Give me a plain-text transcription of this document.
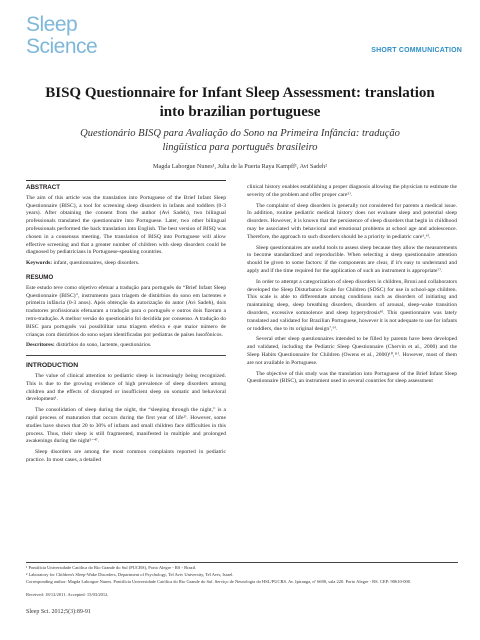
Sleep
Science	SHORT COMMUNICATION
BISQ Questionnaire for Infant Sleep Assessment: translation into brazilian portuguese
Questionário BISQ para Avaliação do Sono na Primeira Infância: tradução lingüística para português brasileiro
Magda Lahorgue Nunes¹, Julia de la Puerta Raya Kampff¹, Avi Sadeh²
ABSTRACT

The aim of this article was the translation into Portuguese of the Brief Infant Sleep Questionnaire (BISC), a tool for screening sleep disorders in infants and toddlers (0-3 years). After obtaining the consent from the author (Avi Sadeh), two bilingual professionals translated the questionnaire into Portuguese. Later, two other bilingual professionals performed the back translation into English. The best version of BISQ was chosen in a consensus meeting. The translation of BISQ into Portuguese will allow effective screening and that a greater number of children with sleep disorders could be diagnosed by pediatricians in Portuguese-speaking countries.

Keywords: infant, questionnaires, sleep disorders.

RESUMO

Este estudo teve como objetivo efetuar a tradução para português do “Brief Infant Sleep Questionnaire (BISC)”, instrumento para triagem de distúrbios do sono em lactentes e primeira infância (0-3 anos). Após obtenção da autorização do autor (Avi Sadeh), dois tradutores profissionais efetuaram a tradução para o português e outros dois fizeram a retro-tradução. A melhor versão do questionário foi decidida por consenso. A tradução do BISC para português vai possibilitar uma triagem efetiva e que maior número de crianças com distúrbios do sono sejam identificadas por pediatras de países lusofônicos.

Descritores: distúrbios do sono, lactente, questionários.

INTRODUCTION

The value of clinical attention to pediatric sleep is increasingly being recognized. This is due to the growing evidence of high prevalence of sleep disorders among children and the effects of disrupted or insufficient sleep on somatic and behavioral development¹.

The consolidation of sleep during the night, the “sleeping through the night,” is a rapid process of maturation that occurs during the first year of life²⁾. However, some studies have shown that 20 to 30% of infants and small children face difficulties in this process. Thus, their sleep is still fragmented, manifested in multiple and prolonged awakenings during the night²⁻⁴⁾.

Sleep disorders are among the most common complaints reported in pediatric practice. In most cases, a detailed

clinical history enables establishing a proper diagnosis allowing the physician to estimate the severity of the problem and offer proper care⁵⁾.

The complaint of sleep disorders is generally not considered for parents a medical issue. In addition, routine pediatric medical history does not evaluate sleep and potential sleep disorders. However, it is known that the persistence of sleep disorders that begin in childhood may be associated with behavioral and emotional problems at school age and adolescence. Therefore, the approach to such disorders should be a priority in pediatric care⁵,⁶⁾.

Sleep questionnaires are useful tools to assess sleep because they allow the measurements to become standardized and reproducible. When selecting a sleep questionnaire attention should be given to some factors: if the components are clear, if it's easy to understand and apply and if the time required for the application of such an instrument is appropriate⁷⁾.

In order to attempt a categorization of sleep disorders in children, Bruni and collaborators developed the Sleep Disturbance Scale for Children (SDSC) for use in school-age children. This scale is able to differentiate among conditions such as disorders of initiating and maintaining sleep, sleep breathing disorders, disorders of arousal, sleep-wake transition disorders, excessive somnolence and sleep hyperydrosis⁸⁾. This questionnaire was lately translated and validated for Brazilian Portuguese, however it is not adequate to use for infants or toddlers, due to its original design⁷,⁹⁾.

Several other sleep questionnaires intended to be filled by parents have been developed and validated, including the Pediatric Sleep Questionnaire (Chervin et al., 2000) and the Sleep Habits Questionnaire for Children (Owens et al., 2000)¹⁰,¹¹⁾. However, most of them are not available in Portuguese.

The objective of this study was the translation into Portuguese of the Brief Infant Sleep Questionnaire (BISC), an instrument used in several countries for sleep assessment

¹ Pontifícia Universidade Católica do Rio Grande do Sul (PUCRS), Porto Alegre - RS - Brazil.
² Laboratory for Children's Sleep-Wake Disorders, Department of Psychology, Tel Aviv University, Tel Aviv, Israel.
Corresponding author: Magda Lahorgue Nunes. Pontifícia Universidade Católica do Rio Grande do Sul. Serviço de Neurologia do HSL/PUCRS. Av. Ipiranga, nº 6690, sala 220. Porto Alegre - RS. CEP: 90610-000.
Received: 18/12/2011. Accepted: 15/03/2012.
Sleep Sci. 2012;5(3):89-91
